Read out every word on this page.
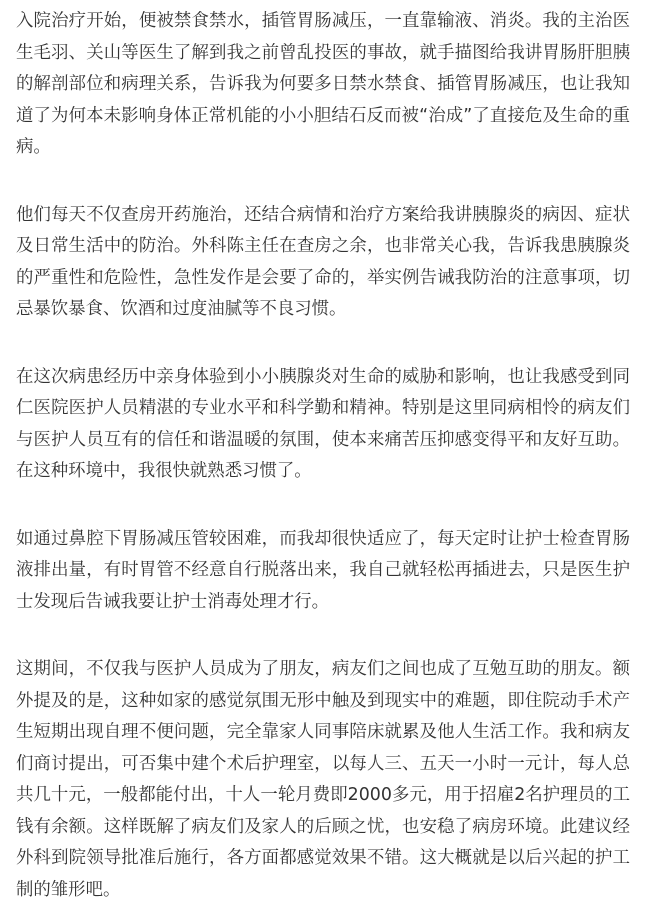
入院治疗开始，便被禁食禁水，插管胃肠减压，一直靠输液、消炎。我的主治医生毛羽、关山等医生了解到我之前曾乱投医的事故，就手描图给我讲胃肠肝胆胰的解剖部位和病理关系，告诉我为何要多日禁水禁食、插管胃肠减压，也让我知道了为何本未影响身体正常机能的小小胆结石反而被“治成”了直接危及生命的重病。

他们每天不仅查房开药施治，还结合病情和治疗方案给我讲胰腺炎的病因、症状及日常生活中的防治。外科陈主任在查房之余，也非常关心我，告诉我患胰腺炎的严重性和危险性，急性发作是会要了命的，举实例告诫我防治的注意事项，切忌暴饮暴食、饮酒和过度油腻等不良习惯。

在这次病患经历中亲身体验到小小胰腺炎对生命的威胁和影响，也让我感受到同仁医院医护人员精湛的专业水平和科学勤和精神。特别是这里同病相怜的病友们与医护人员互有的信任和谐温暖的氛围，使本来痛苦压抑感变得平和友好互助。在这种环境中，我很快就熟悉习惯了。

如通过鼻腔下胃肠减压管较困难，而我却很快适应了，每天定时让护士检查胃肠液排出量，有时胃管不经意自行脱落出来，我自己就轻松再插进去，只是医生护士发现后告诫我要让护士消毒处理才行。

这期间，不仅我与医护人员成为了朋友，病友们之间也成了互勉互助的朋友。额外提及的是，这种如家的感觉氛围无形中触及到现实中的难题，即住院动手术产生短期出现自理不便问题，完全靠家人同事陪床就累及他人生活工作。我和病友们商讨提出，可否集中建个术后护理室，以每人三、五天一小时一元计，每人总共几十元，一般都能付出，十人一轮月费即2000多元，用于招雇2名护理员的工钱有余额。这样既解了病友们及家人的后顾之忧，也安稳了病房环境。此建议经外科到院领导批准后施行，各方面都感觉效果不错。这大概就是以后兴起的护工制的雏形吧。
